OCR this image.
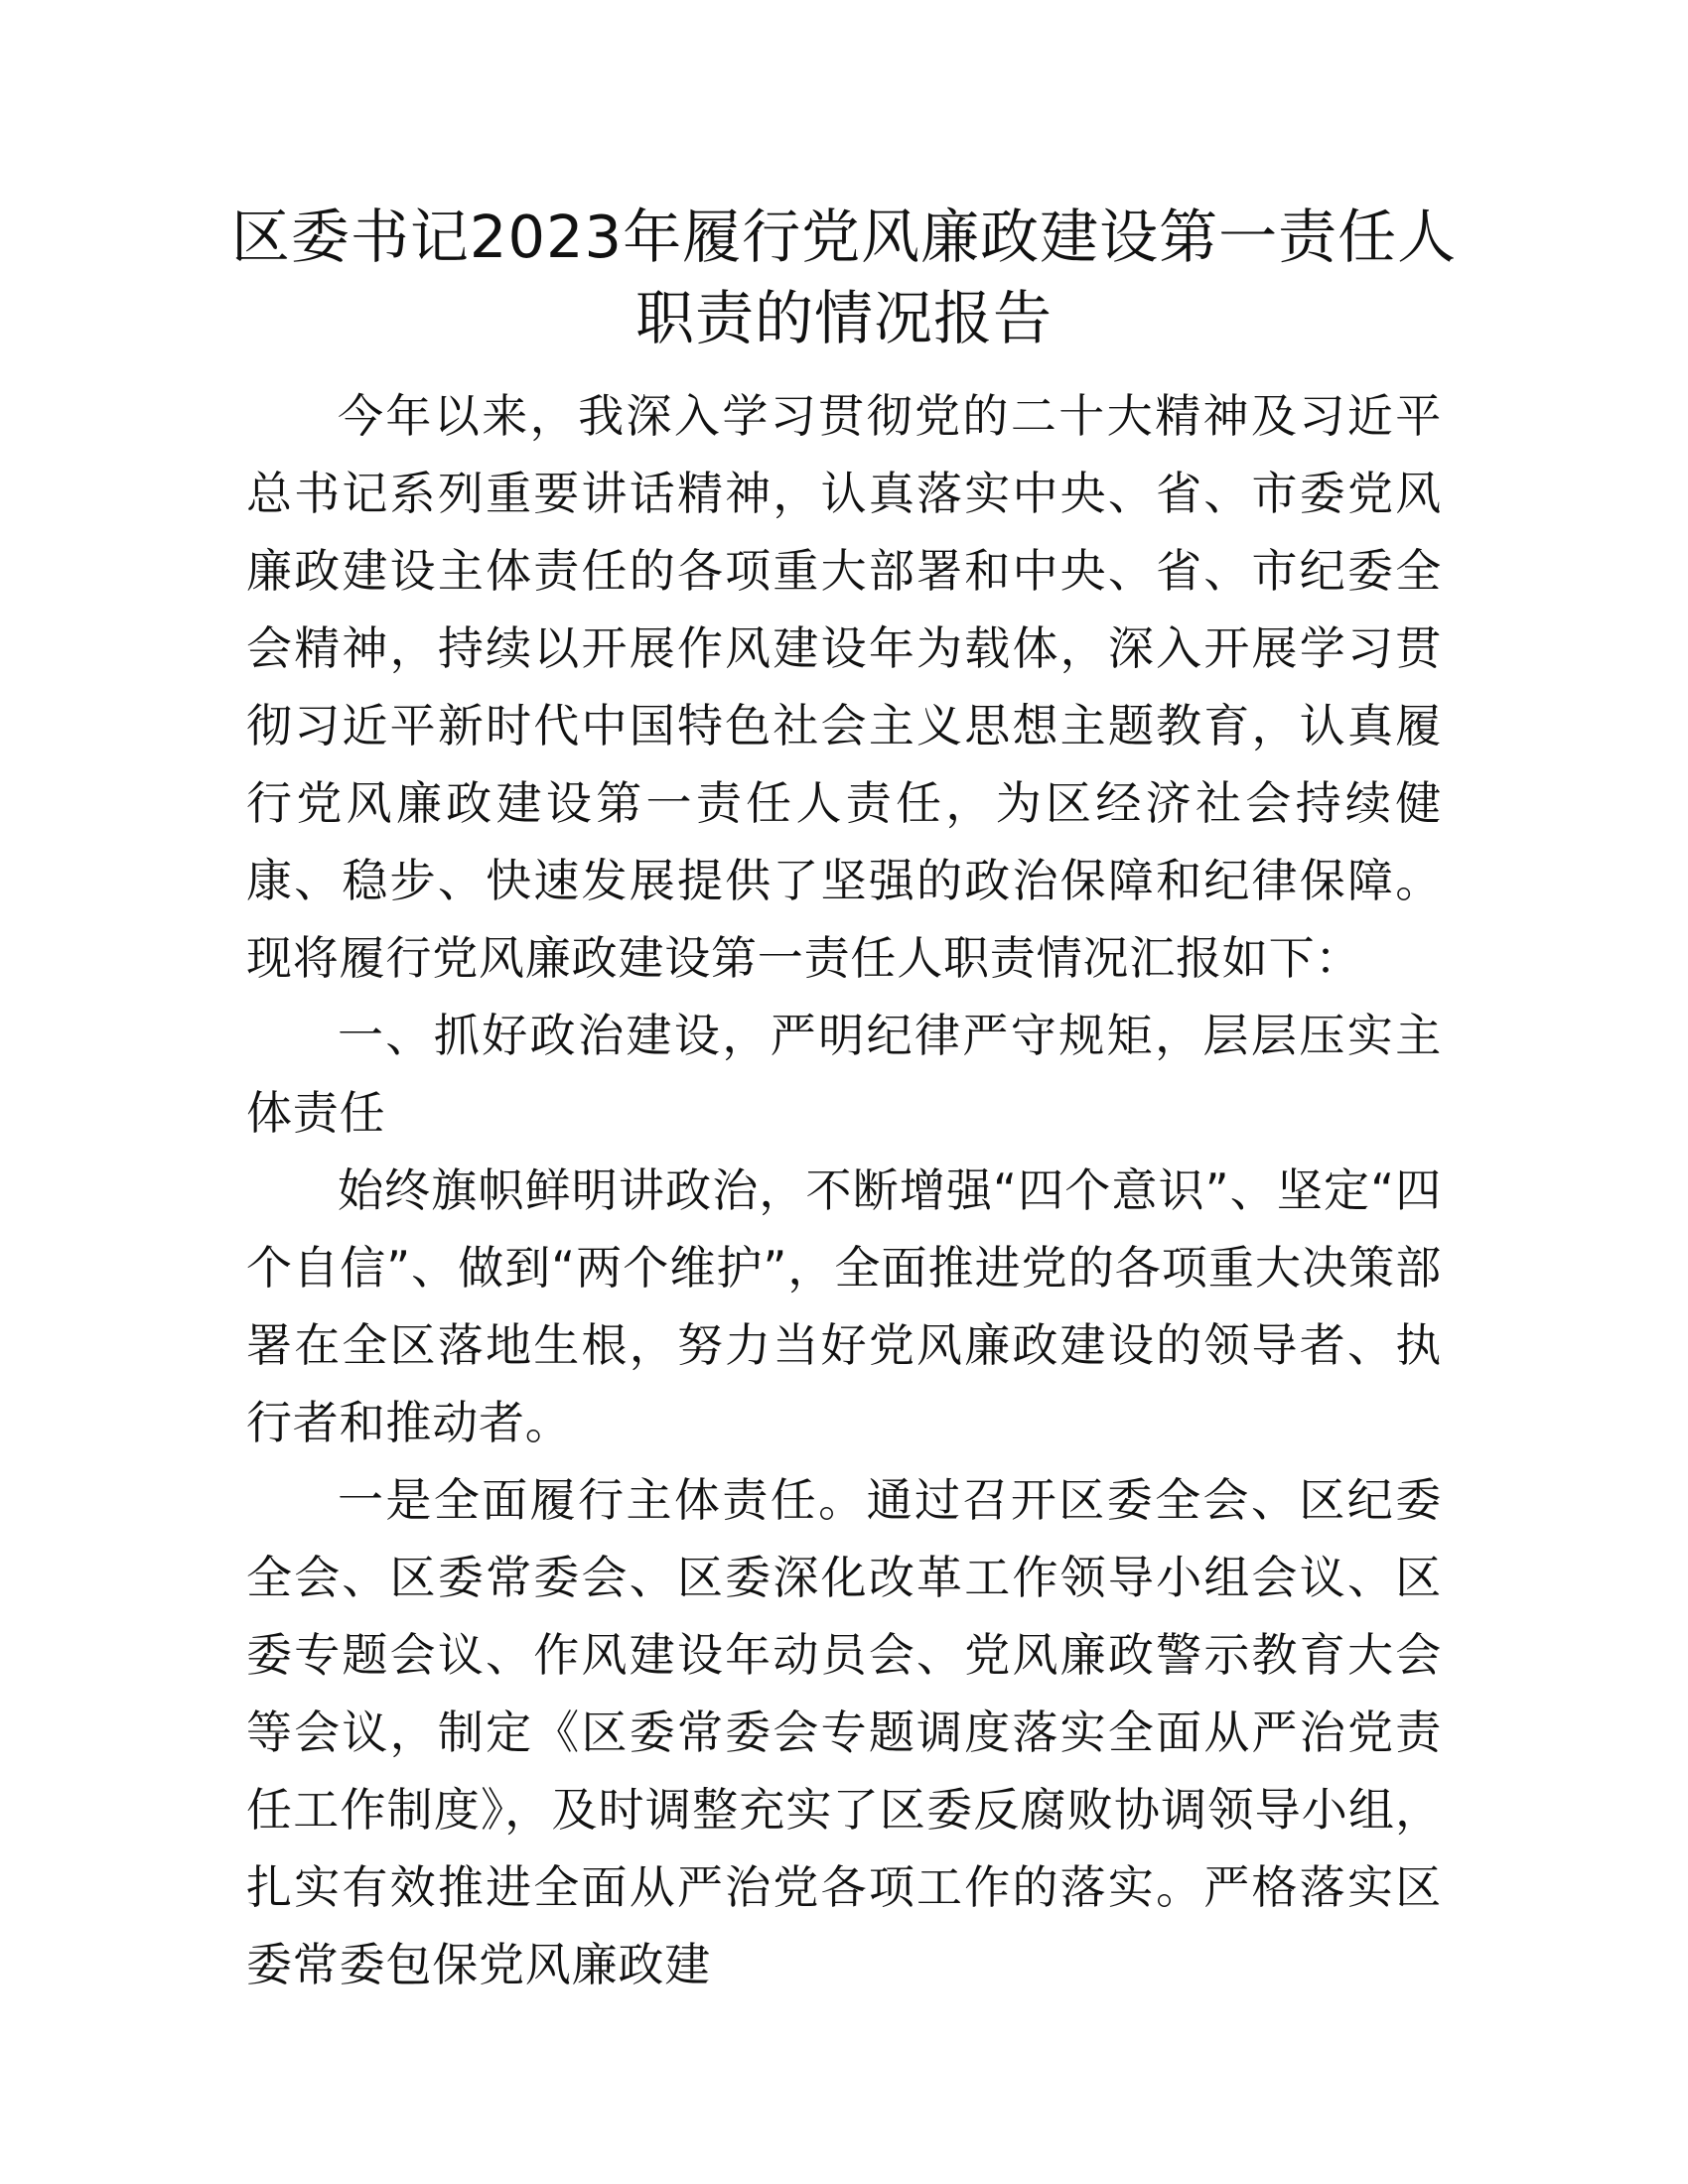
区委书记2023年履行党风廉政建设第一责任人
职责的情况报告

今年以来，我深入学习贯彻党的二十大精神及习近平总书记系列重要讲话精神，认真落实中央、省、市委党风廉政建设主体责任的各项重大部署和中央、省、市纪委全会精神，持续以开展作风建设年为载体，深入开展学习贯彻习近平新时代中国特色社会主义思想主题教育，认真履行党风廉政建设第一责任人责任，为区经济社会持续健康、稳步、快速发展提供了坚强的政治保障和纪律保障。现将履行党风廉政建设第一责任人职责情况汇报如下：

一、抓好政治建设，严明纪律严守规矩，层层压实主体责任

始终旗帜鲜明讲政治，不断增强“四个意识”、坚定“四个自信”、做到“两个维护”，全面推进党的各项重大决策部署在全区落地生根，努力当好党风廉政建设的领导者、执行者和推动者。

一是全面履行主体责任。通过召开区委全会、区纪委全会、区委常委会、区委深化改革工作领导小组会议、区委专题会议、作风建设年动员会、党风廉政警示教育大会等会议，制定《区委常委会专题调度落实全面从严治党责任工作制度》，及时调整充实了区委反腐败协调领导小组，扎实有效推进全面从严治党各项工作的落实。严格落实区委常委包保党风廉政建
